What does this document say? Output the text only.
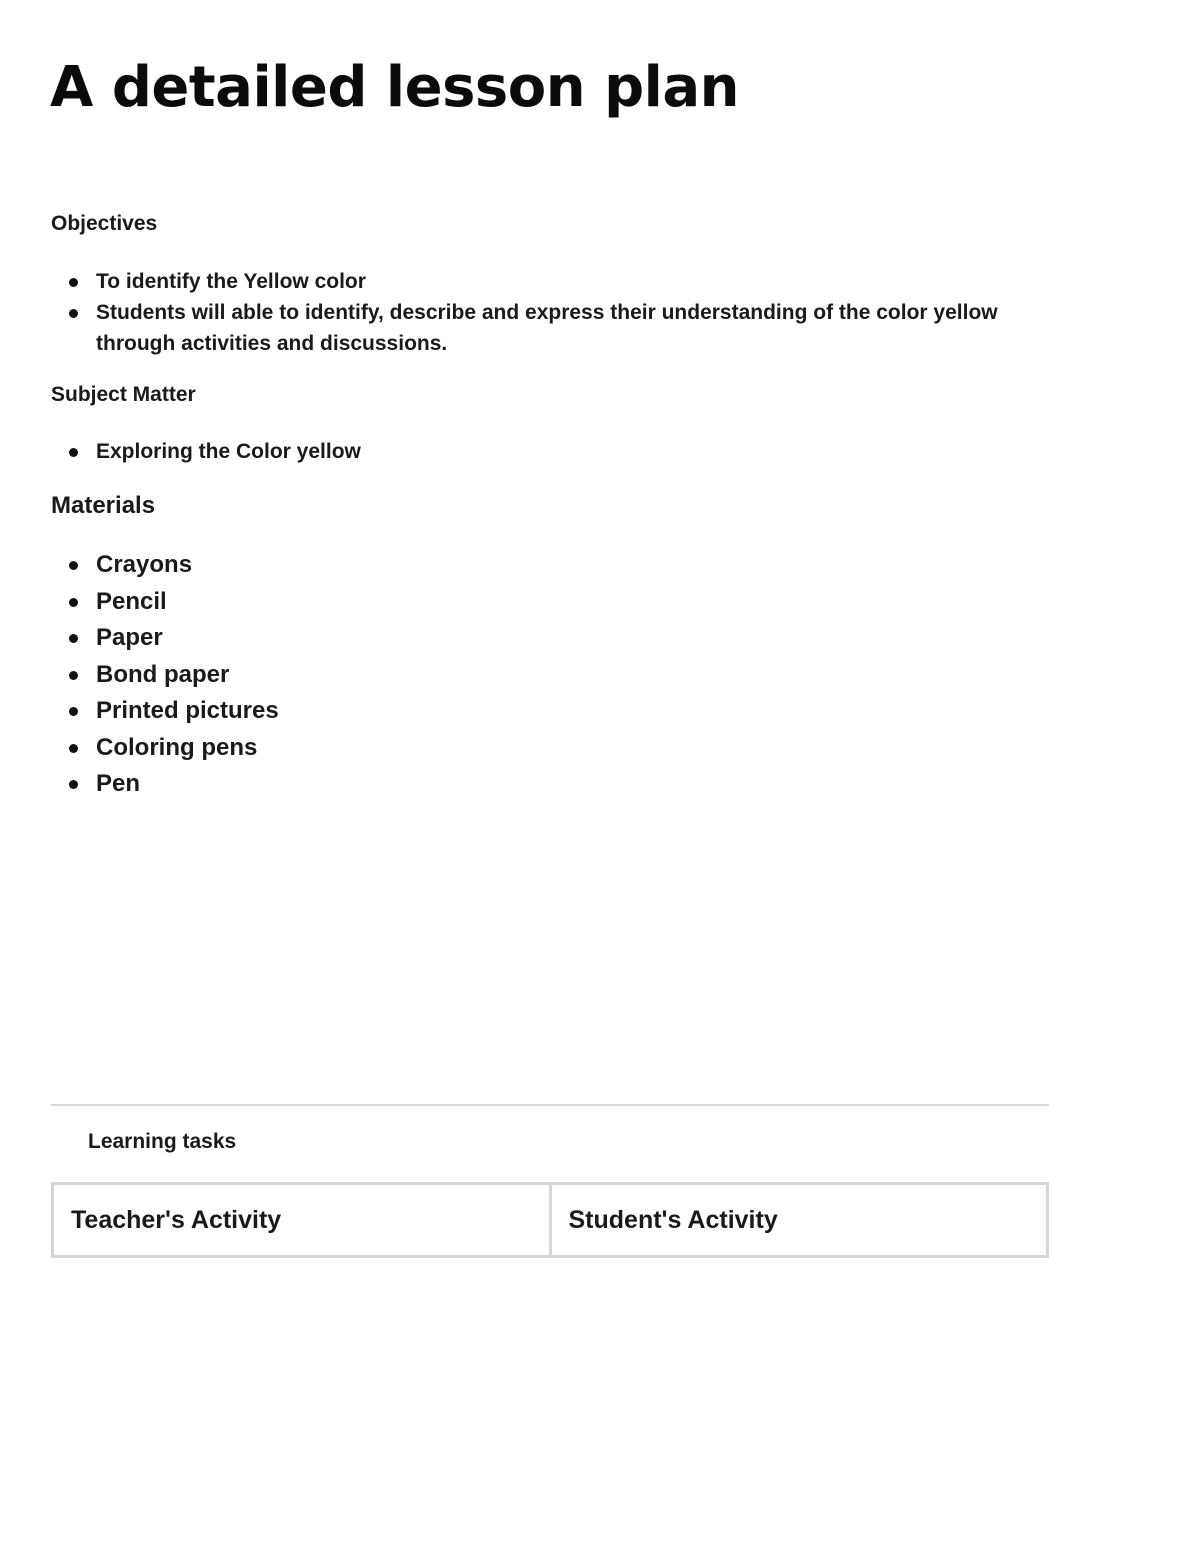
A detailed lesson plan
Objectives
To identify the Yellow color
Students will able to identify, describe and express their understanding of the color yellow through activities and discussions.
Subject Matter
Exploring the Color yellow
Materials
Crayons
Pencil
Paper
Bond paper
Printed pictures
Coloring pens
Pen
Learning tasks
Teacher's Activity	Student's Activity
